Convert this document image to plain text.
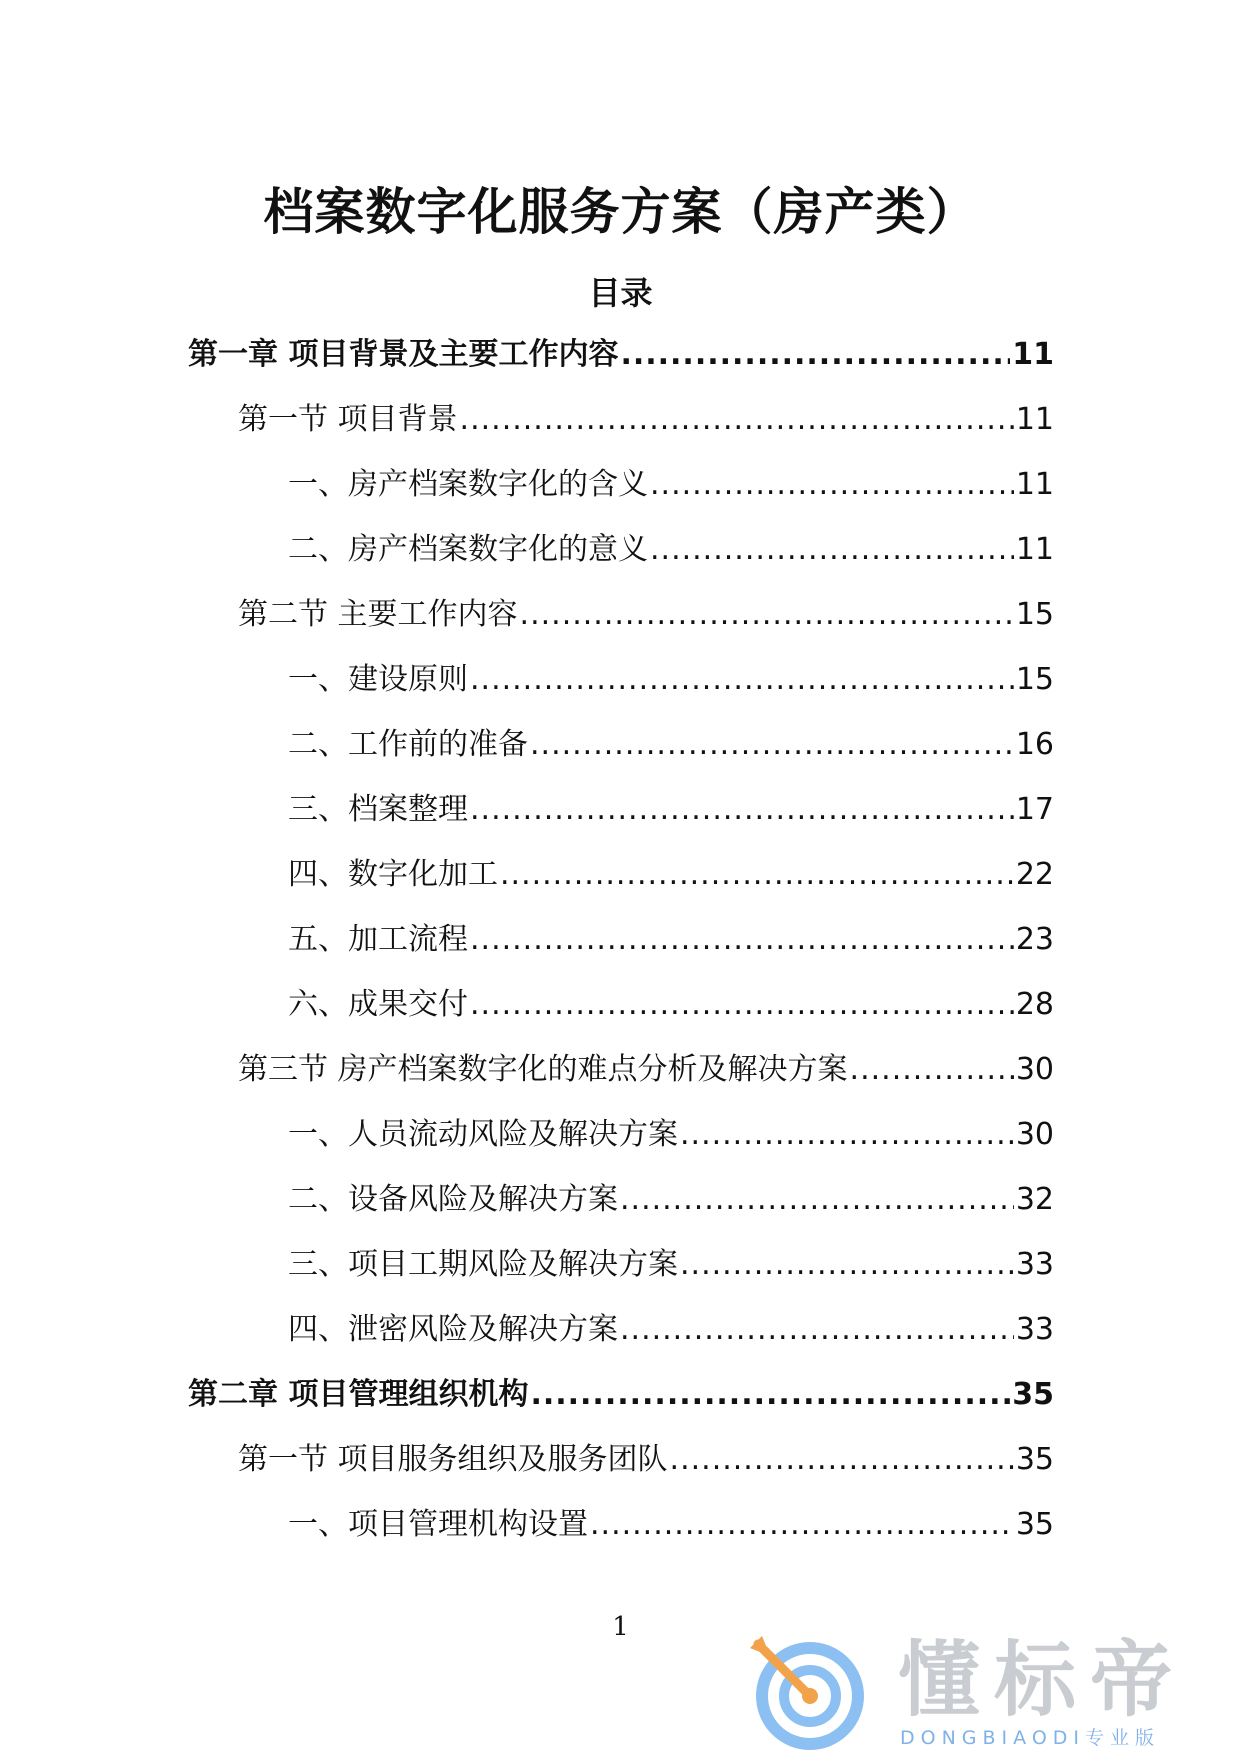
档案数字化服务方案（房产类）
目录
第一章 项目背景及主要工作内容 .....	11
第一节 项目背景 .....	11
一、房产档案数字化的含义 .....	11
二、房产档案数字化的意义 .....	11
第二节 主要工作内容 .....	15
一、建设原则 .....	15
二、工作前的准备 .....	16
三、档案整理 .....	17
四、数字化加工 .....	22
五、加工流程 .....	23
六、成果交付 .....	28
第三节 房产档案数字化的难点分析及解决方案 .....	30
一、人员流动风险及解决方案 .....	30
二、设备风险及解决方案 .....	32
三、项目工期风险及解决方案 .....	33
四、泄密风险及解决方案 .....	33
第二章 项目管理组织机构 .....	35
第一节 项目服务组织及服务团队 .....	35
一、项目管理机构设置 .....	35
1
懂标帝
DONGBIAODI专业版
